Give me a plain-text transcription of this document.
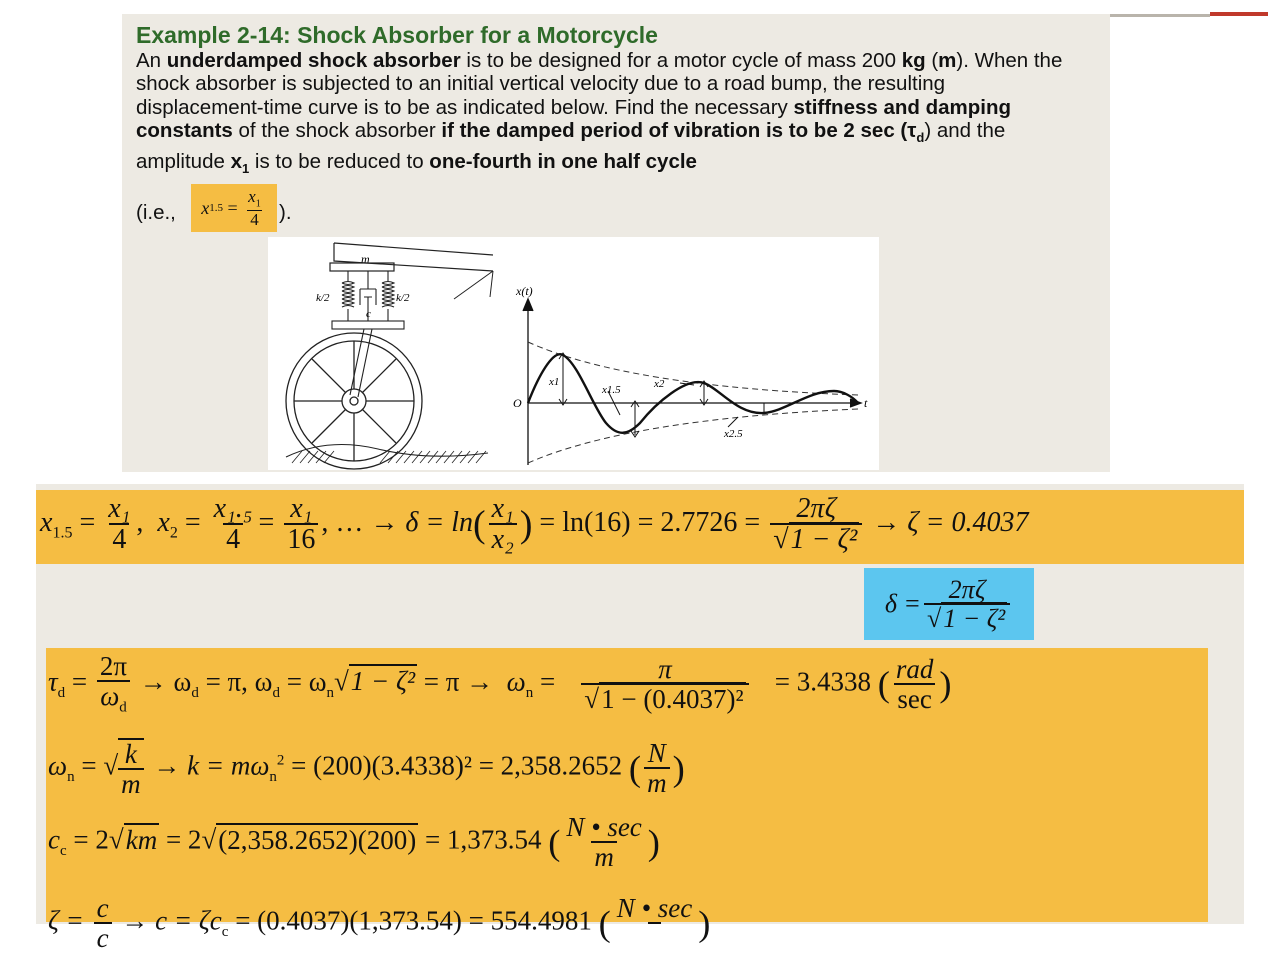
Example 2-14: Shock Absorber for a Motorcycle
An underdamped shock absorber is to be designed for a motor cycle of mass 200 kg (m). When the shock absorber is subjected to an initial vertical velocity due to a road bump, the resulting displacement-time curve is to be as indicated below. Find the necessary stiffness and damping constants of the shock absorber if the damped period of vibration is to be 2 $\sec (\tau_d)$ and the amplitude $x_1$ is to be reduced to one-fourth in one half cycle
(i.e., x $1.5 = \frac{x_1}{4}$ ).
m
k/2	k/2
c
x(t)
O	t
x1
x1.5	x2
x2.5
$x_{1.5} = \frac{\text{x₁}}{4}$ ,  $x_2 = \frac{\text{x₁.₅}}{4} = \frac{\text{x₁}}{16}$ , … → $\delta = \ln( \frac{\text{x₁}}{\text{x₂}}$ ) = $\ln(16) = 2.7726 = \frac{2\pi\zeta}{\text{√1 − ζ²}} \to \zeta = 0.4037$
$\delta = \frac{2\pi\zeta}{\text{√1 − ζ²}}$
$\tau_d = \frac{2\pi}{\omega_d} \to \omega_d = \pi$, $\omega_d = \omega_n√1 - \zeta^2 = \pi \to \omega_n = \frac{\pi}{\text{√1 − (0.4037)²}} = 3.4338$ ( $\frac{\text{rad}}{\sec}$ )
$\omega_n$ = √ $\frac{k}{m} \to k = m\omega_n^2 = (200)(3.4338)^2 = 2,358.2652$ ( $\frac{N}{m}$ )
$c_c = 2√km = 2√(2,358.2652)(200) = 1,373.54$ ( $\frac{N • \sec}{m}$ )
$\zeta = \frac{c}{c} \to c = \zeta c_c = (0.4037)(1,373.54) = 554.4981$ ( N • sec
)
